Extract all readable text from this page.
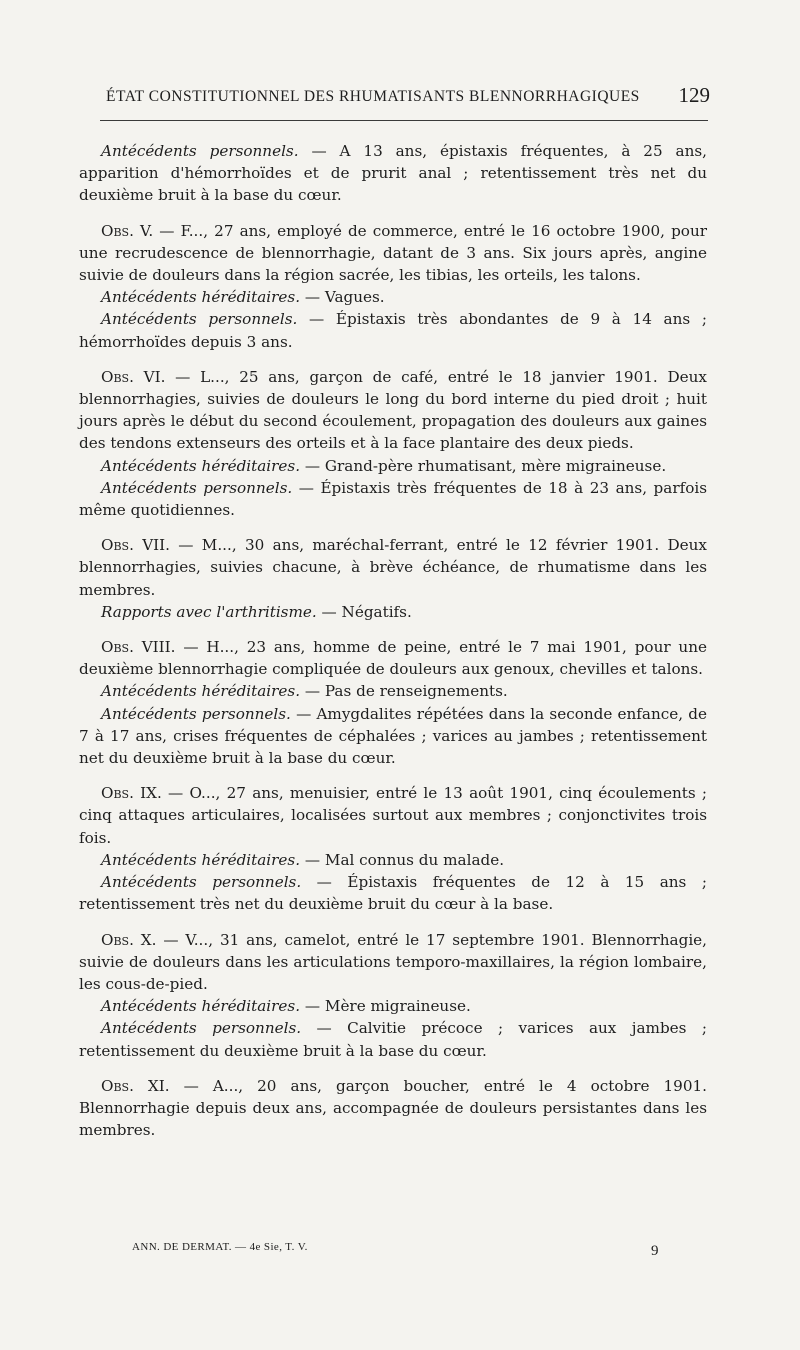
ÉTAT CONSTITUTIONNEL DES RHUMATISANTS BLENNORRHAGIQUES 129

Antécédents personnels. — A 13 ans, épistaxis fréquentes, à 25 ans, apparition d'hémorrhoïdes et de prurit anal ; retentissement très net du deuxième bruit à la base du cœur.

Obs. V. — F..., 27 ans, employé de commerce, entré le 16 octobre 1900, pour une recrudescence de blennorrhagie, datant de 3 ans. Six jours après, angine suivie de douleurs dans la région sacrée, les tibias, les orteils, les talons.

Antécédents héréditaires. — Vagues.

Antécédents personnels. — Épistaxis très abondantes de 9 à 14 ans ; hémorrhoïdes depuis 3 ans.

Obs. VI. — L..., 25 ans, garçon de café, entré le 18 janvier 1901. Deux blennorrhagies, suivies de douleurs le long du bord interne du pied droit ; huit jours après le début du second écoulement, propagation des douleurs aux gaines des tendons extenseurs des orteils et à la face plantaire des deux pieds.

Antécédents héréditaires. — Grand-père rhumatisant, mère migraineuse.

Antécédents personnels. — Épistaxis très fréquentes de 18 à 23 ans, parfois même quotidiennes.

Obs. VII. — M..., 30 ans, maréchal-ferrant, entré le 12 février 1901. Deux blennorrhagies, suivies chacune, à brève échéance, de rhumatisme dans les membres.

Rapports avec l'arthritisme. — Négatifs.

Obs. VIII. — H..., 23 ans, homme de peine, entré le 7 mai 1901, pour une deuxième blennorrhagie compliquée de douleurs aux genoux, chevilles et talons.

Antécédents héréditaires. — Pas de renseignements.

Antécédents personnels. — Amygdalites répétées dans la seconde enfance, de 7 à 17 ans, crises fréquentes de céphalées ; varices au jambes ; retentissement net du deuxième bruit à la base du cœur.

Obs. IX. — O..., 27 ans, menuisier, entré le 13 août 1901, cinq écoulements ; cinq attaques articulaires, localisées surtout aux membres ; conjonctivites trois fois.

Antécédents héréditaires. — Mal connus du malade.

Antécédents personnels. — Épistaxis fréquentes de 12 à 15 ans ; retentissement très net du deuxième bruit du cœur à la base.

Obs. X. — V..., 31 ans, camelot, entré le 17 septembre 1901. Blennorrhagie, suivie de douleurs dans les articulations temporo-maxillaires, la région lombaire, les cous-de-pied.

Antécédents héréditaires. — Mère migraineuse.

Antécédents personnels. — Calvitie précoce ; varices aux jambes ; retentissement du deuxième bruit à la base du cœur.

Obs. XI. — A..., 20 ans, garçon boucher, entré le 4 octobre 1901. Blennorrhagie depuis deux ans, accompagnée de douleurs persistantes dans les membres.

ANN. DE DERMAT. — 4e Sie, T. V.	9
